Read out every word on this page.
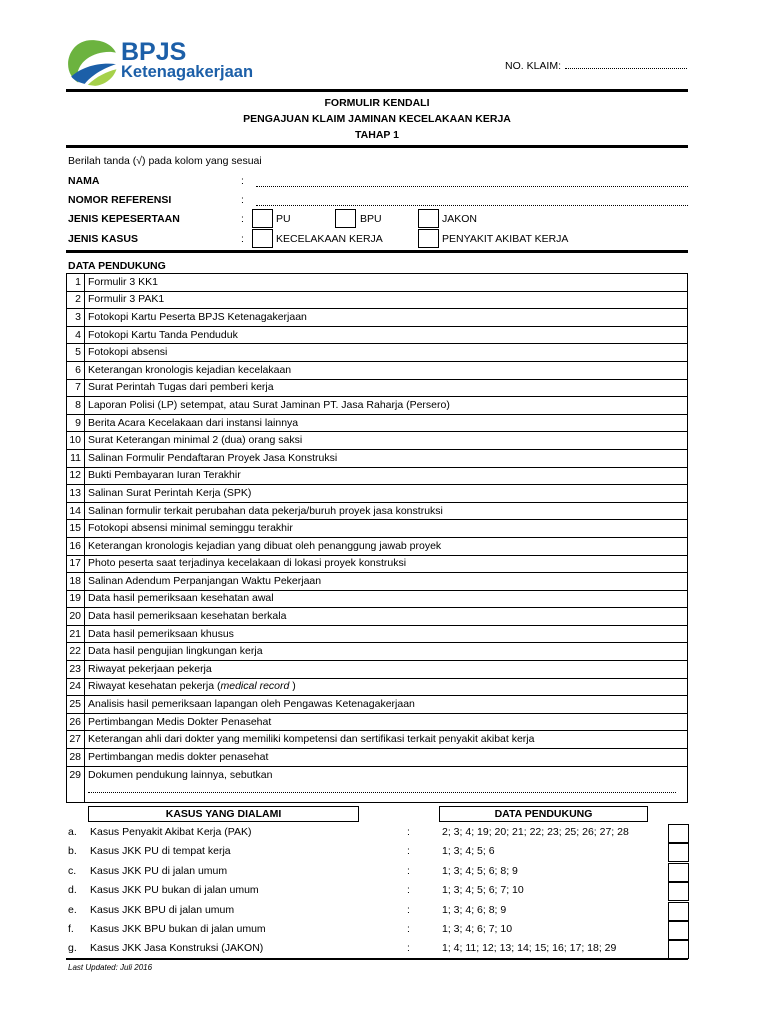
BPJS
Ketenagakerjaan	NO. KLAIM:
FORMULIR KENDALI
PENGAJUAN KLAIM JAMINAN KECELAKAAN KERJA
TAHAP 1
Berilah tanda (√) pada kolom yang sesuai
NAMA	:
NOMOR REFERENSI	:
JENIS KEPESERTAAN	:	PU	BPU	JAKON
JENIS KASUS	:	KECELAKAAN KERJA	PENYAKIT AKIBAT KERJA
DATA PENDUKUNG
1	Formulir 3 KK1
2	Formulir 3 PAK1
3	Fotokopi Kartu Peserta BPJS Ketenagakerjaan
4	Fotokopi Kartu Tanda Penduduk
5	Fotokopi absensi
6	Keterangan kronologis kejadian kecelakaan
7	Surat Perintah Tugas dari pemberi kerja
8	Laporan Polisi (LP) setempat, atau Surat Jaminan PT. Jasa Raharja (Persero)
9	Berita Acara Kecelakaan dari instansi lainnya
10	Surat Keterangan minimal 2 (dua) orang saksi
11	Salinan Formulir Pendaftaran Proyek Jasa Konstruksi
12	Bukti Pembayaran Iuran Terakhir
13	Salinan Surat Perintah Kerja (SPK)
14	Salinan formulir terkait perubahan data pekerja/buruh proyek jasa konstruksi
15	Fotokopi absensi minimal seminggu terakhir
16	Keterangan kronologis kejadian yang dibuat oleh penanggung jawab proyek
17	Photo peserta saat terjadinya kecelakaan di lokasi proyek konstruksi
18	Salinan Adendum Perpanjangan Waktu Pekerjaan
19	Data hasil pemeriksaan kesehatan awal
20	Data hasil pemeriksaan kesehatan berkala
21	Data hasil pemeriksaan khusus
22	Data hasil pengujian lingkungan kerja
23	Riwayat pekerjaan pekerja
24	Riwayat kesehatan pekerja (medical record )
25	Analisis hasil pemeriksaan lapangan oleh Pengawas Ketenagakerjaan
26	Pertimbangan Medis Dokter Penasehat
27	Keterangan ahli dari dokter yang memiliki kompetensi dan sertifikasi terkait penyakit akibat kerja
28	Pertimbangan medis dokter penasehat
29	Dokumen pendukung lainnya, sebutkan
KASUS YANG DIALAMI	DATA PENDUKUNG
a. Kasus Penyakit Akibat Kerja (PAK)	:	2; 3; 4; 19; 20; 21; 22; 23; 25; 26; 27; 28
b. Kasus JKK PU di tempat kerja	:	1; 3; 4; 5; 6
c. Kasus JKK PU di jalan umum	:	1; 3; 4; 5; 6; 8; 9
d. Kasus JKK PU bukan di jalan umum	:	1; 3; 4; 5; 6; 7; 10
e. Kasus JKK BPU di jalan umum	:	1; 3; 4; 6; 8; 9
f. Kasus JKK BPU bukan di jalan umum	:	1; 3; 4; 6; 7; 10
g. Kasus JKK Jasa Konstruksi (JAKON)	:	1; 4; 11; 12; 13; 14; 15; 16; 17; 18; 29
Last Updated: Juli 2016
